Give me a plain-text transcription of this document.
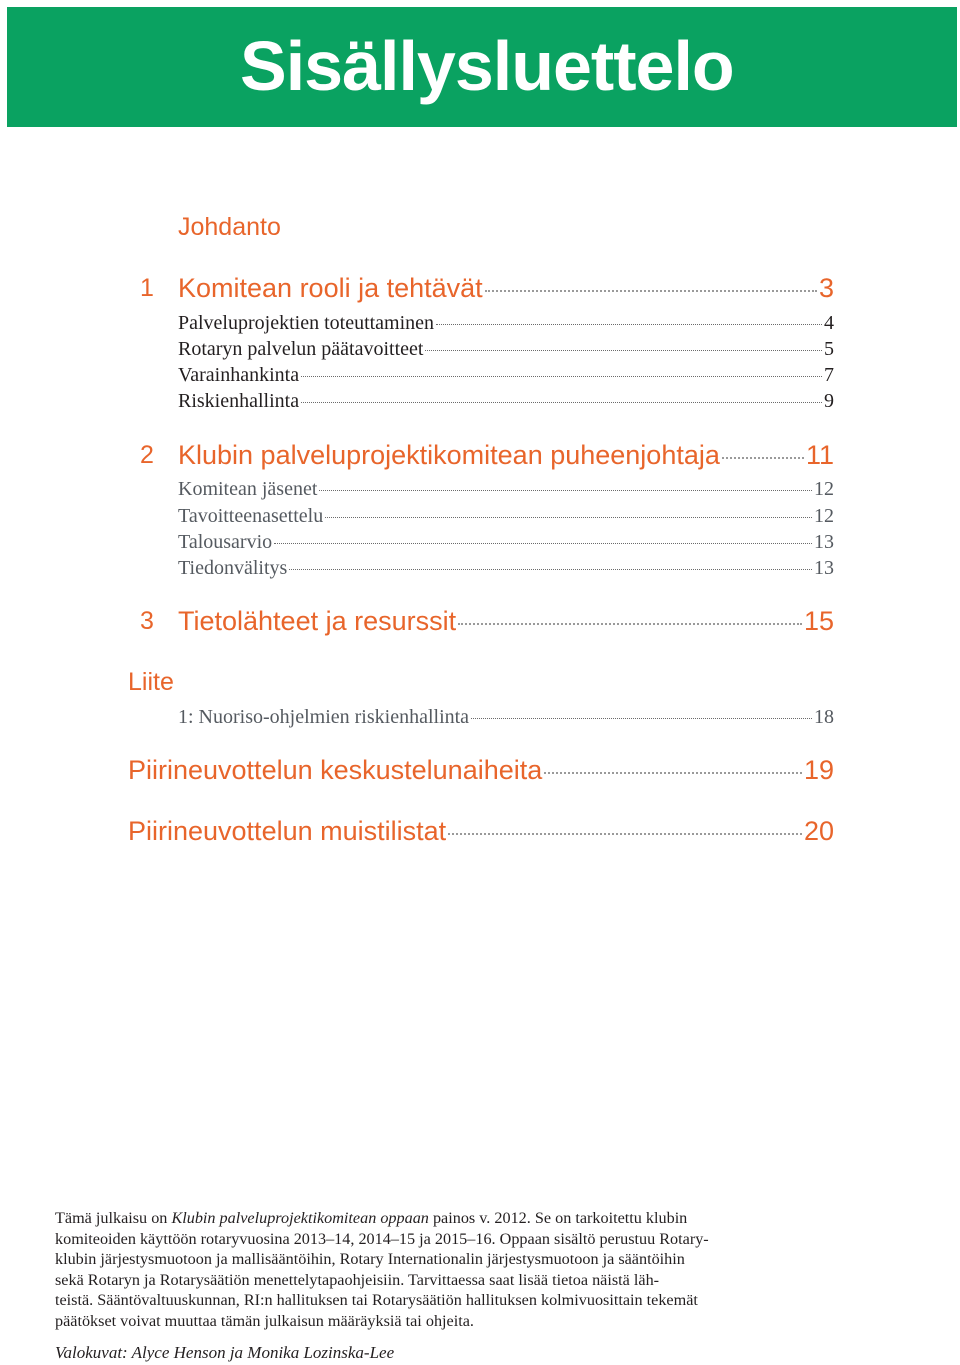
Sisällysluettelo
Johdanto
1 Komitean rooli ja tehtävät	3
Palveluprojektien toteuttaminen	4
Rotaryn palvelun päätavoitteet	5
Varainhankinta	7
Riskienhallinta	9
2 Klubin palveluprojektikomitean puheenjohtaja	11
Komitean jäsenet	12
Tavoitteenasettelu	12
Talousarvio	13
Tiedonvälitys	13
3 Tietolähteet ja resurssit	15
Liite
1: Nuoriso-ohjelmien riskienhallinta	18
Piirineuvottelun keskustelunaiheita	19
Piirineuvottelun muistilistat	20

Tämä julkaisu on Klubin palveluprojektikomitean oppaan painos v. 2012. Se on tarkoitettu klubin

komiteoiden käyttöön rotaryvuosina 2013–14, 2014–15 ja 2015–16. Oppaan sisältö perustuu Rotary-

klubin järjestysmuotoon ja mallisääntöihin, Rotary Internationalin järjestysmuotoon ja sääntöihin

sekä Rotaryn ja Rotarysäätiön menettelytapaohjeisiin. Tarvittaessa saat lisää tietoa näistä läh-

teistä. Sääntövaltuuskunnan, RI:n hallituksen tai Rotarysäätiön hallituksen kolmivuosittain tekemät

päätökset voivat muuttaa tämän julkaisun määräyksiä tai ohjeita.

Valokuvat: Alyce Henson ja Monika Lozinska-Lee
